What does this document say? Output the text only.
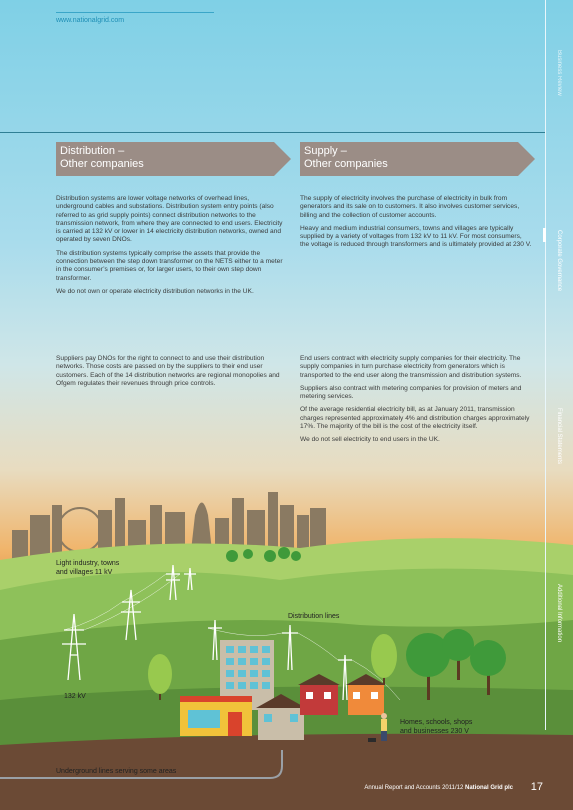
www.nationalgrid.com
Business Review
Corporate Governance
Financial Statements
Additional Information
Distribution –
Other companies
Supply –
Other companies

Distribution systems are lower voltage networks of overhead lines, underground cables and substations. Distribution system entry points (also referred to as grid supply points) connect distribution networks to the transmission network, from where they are connected to end users. Electricity is carried at 132 kV or lower in 14 electricity distribution networks, owned and operated by seven DNOs.

The distribution systems typically comprise the assets that provide the connection between the step down transformer on the NETS either to a meter in the consumer’s premises or, for larger users, to their own step down transformer.

We do not own or operate electricity distribution networks in the UK.

The supply of electricity involves the purchase of electricity in bulk from generators and its sale on to customers. It also involves customer services, billing and the collection of customer accounts.

Heavy and medium industrial consumers, towns and villages are typically supplied by a variety of voltages from 132 kV to 11 kV. For most consumers, the voltage is reduced through transformers and is ultimately provided at 230 V.

Suppliers pay DNOs for the right to connect to and use their distribution networks. Those costs are passed on by the suppliers to their end user customers. Each of the 14 distribution networks are regional monopolies and Ofgem regulates their revenues through price controls.

End users contract with electricity supply companies for their electricity. The supply companies in turn purchase electricity from generators which is transported to the end user along the transmission and distribution systems.

Suppliers also contract with metering companies for provision of meters and metering services.

Of the average residential electricity bill, as at January 2011, transmission charges represented approximately 4% and distribution charges approximately 17%. The majority of the bill is the cost of the electricity itself.

We do not sell electricity to end users in the UK.

Light industry, towns
and villages 11 kV
Distribution lines
132 kV
Homes, schools, shops
and businesses 230 V
Underground lines serving some areas
Annual Report and Accounts 2011/12 National Grid plc 17
